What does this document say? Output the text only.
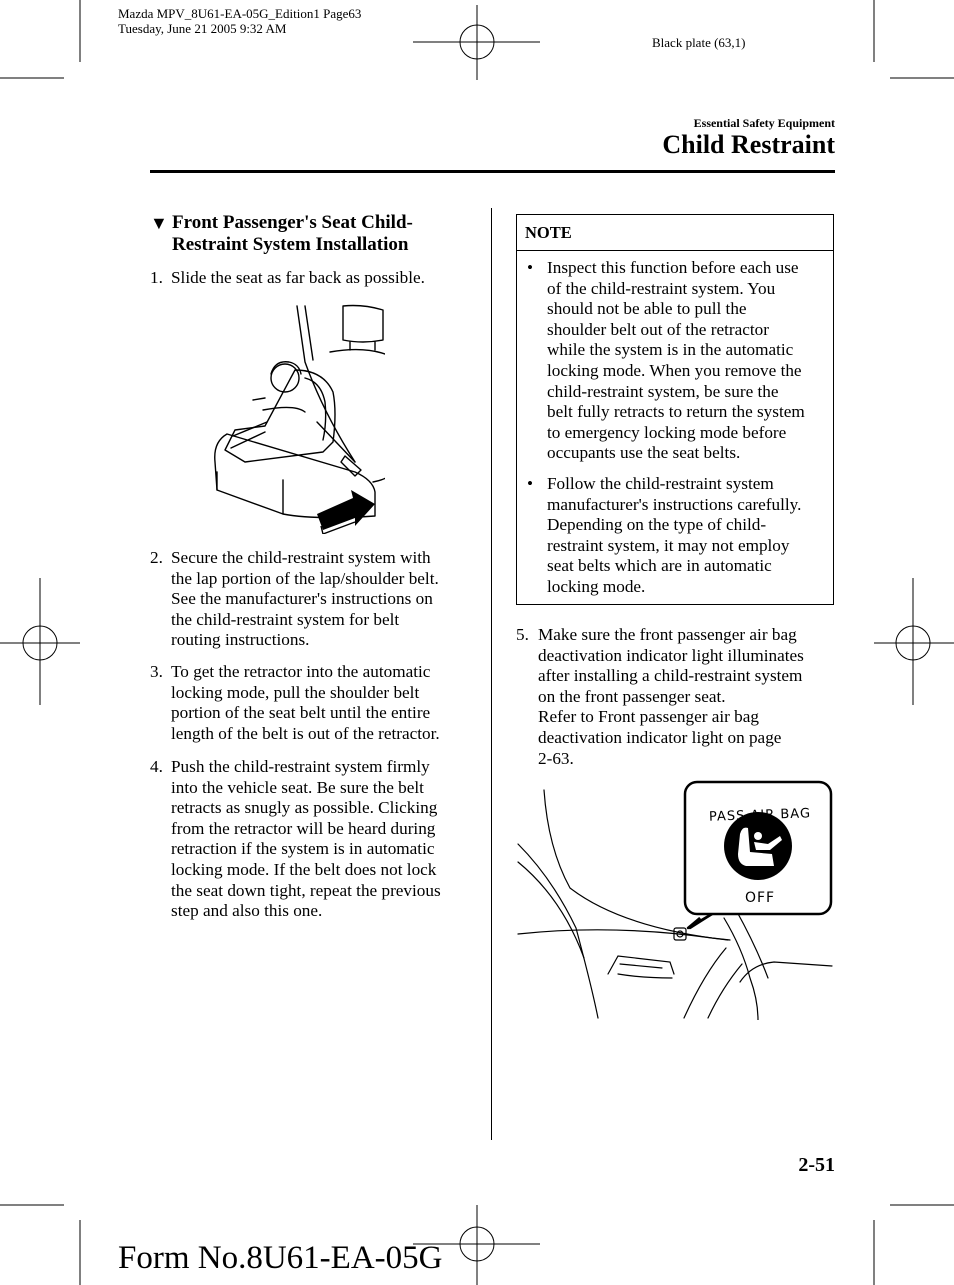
Mazda MPV_8U61-EA-05G_Edition1 Page63
Tuesday, June 21 2005 9:32 AM
Black plate (63,1)
Essential Safety Equipment
Child Restraint
▼ Front Passenger's Seat Child-
Restraint System Installation
1. Slide the seat as far back as possible.
2. Secure the child-restraint system with
the lap portion of the lap/shoulder belt.
See the manufacturer's instructions on
the child-restraint system for belt
routing instructions.
3. To get the retractor into the automatic
locking mode, pull the shoulder belt
portion of the seat belt until the entire
length of the belt is out of the retractor.
4. Push the child-restraint system firmly
into the vehicle seat. Be sure the belt
retracts as snugly as possible. Clicking
from the retractor will be heard during
retraction if the system is in automatic
locking mode. If the belt does not lock
the seat down tight, repeat the previous
step and also this one.
NOTE
• Inspect this function before each use
of the child-restraint system. You
should not be able to pull the
shoulder belt out of the retractor
while the system is in the automatic
locking mode. When you remove the
child-restraint system, be sure the
belt fully retracts to return the system
to emergency locking mode before
occupants use the seat belts.
• Follow the child-restraint system
manufacturer's instructions carefully.
Depending on the type of child-
restraint system, it may not employ
seat belts which are in automatic
locking mode.
5. Make sure the front passenger air bag
deactivation indicator light illuminates
after installing a child-restraint system
on the front passenger seat.
Refer to Front passenger air bag
deactivation indicator light on page
2-63.
PASS AIR BAG
OFF
2-51
Form No.8U61-EA-05G
